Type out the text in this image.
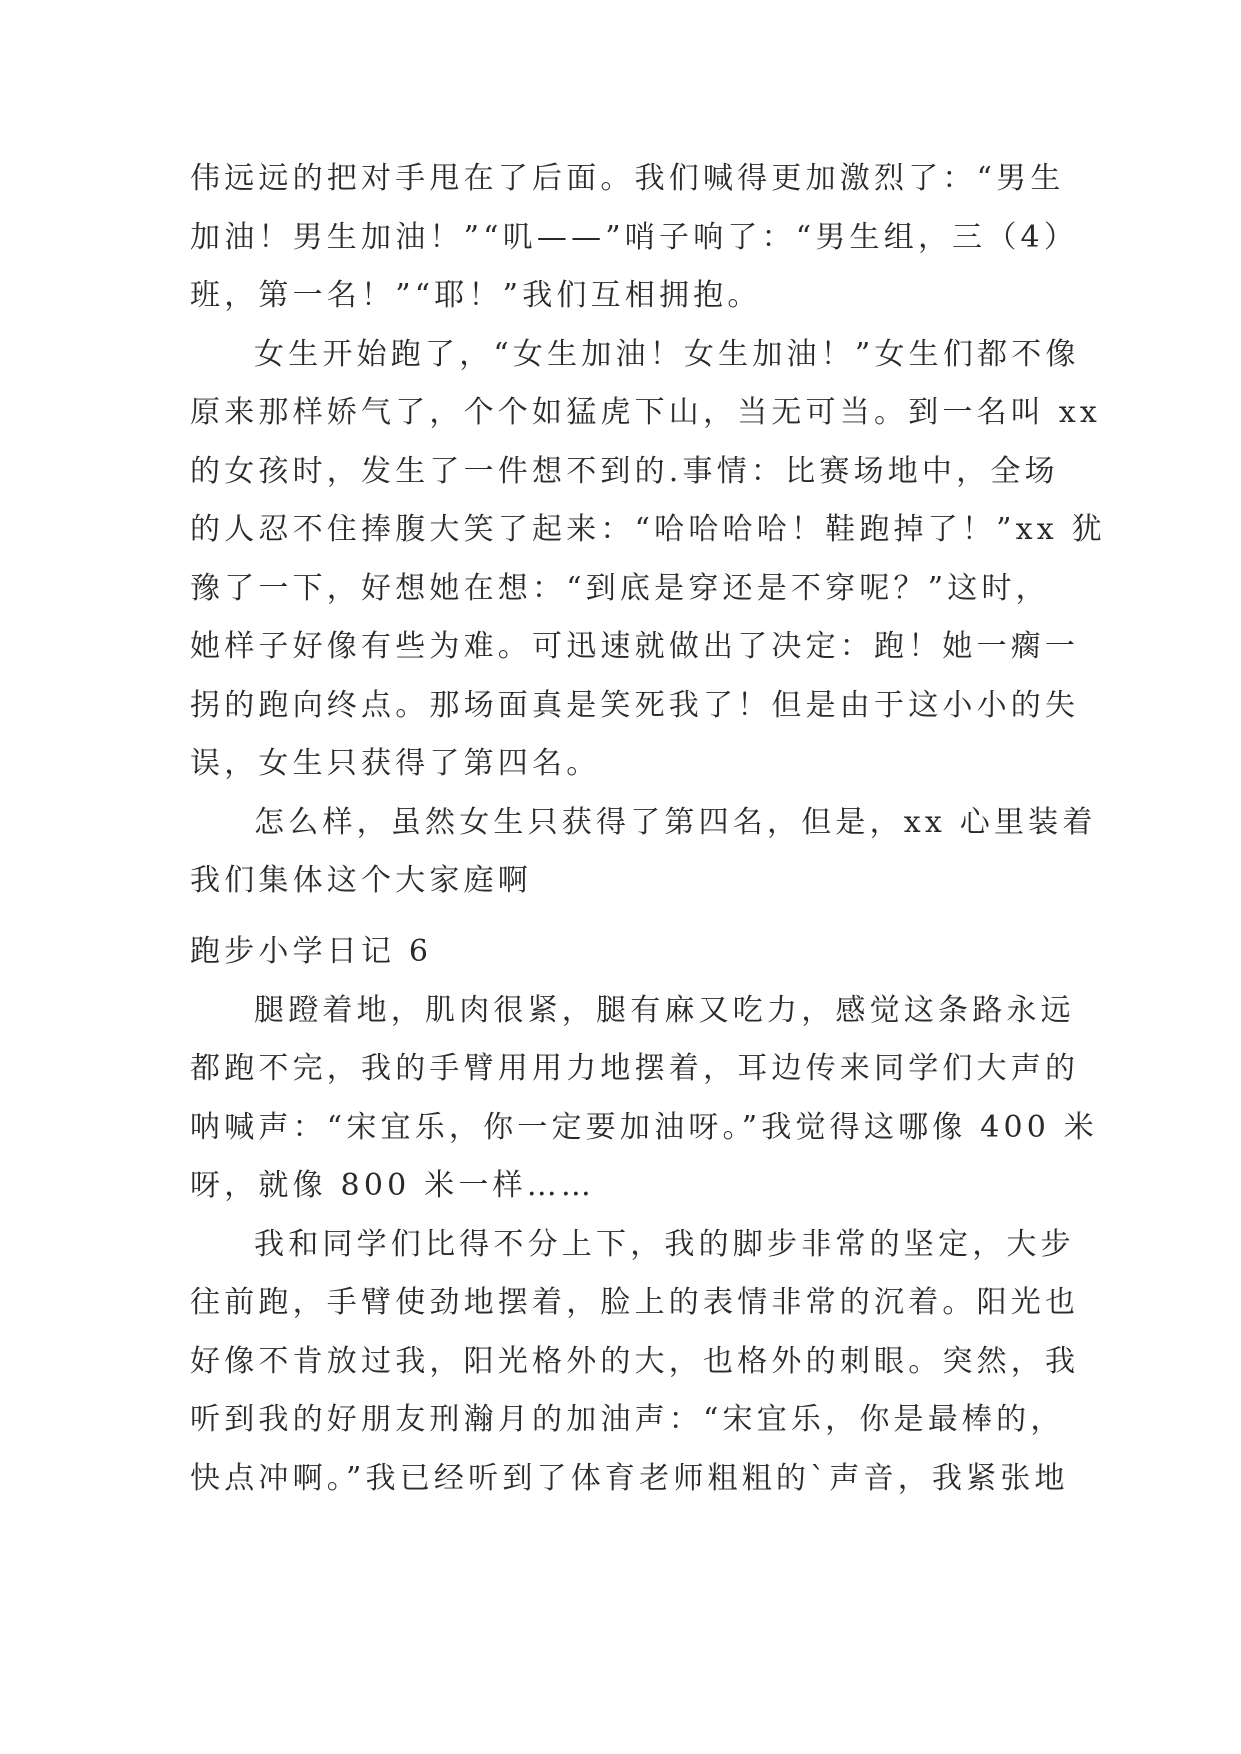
伟远远的把对手甩在了后面。我们喊得更加激烈了：“男生
加油！男生加油！”“叽——”哨子响了：“男生组，三（4）
班，第一名！”“耶！”我们互相拥抱。
女生开始跑了，“女生加油！女生加油！”女生们都不像
原来那样娇气了，个个如猛虎下山，当无可当。到一名叫 xx
的女孩时，发生了一件想不到的.事情：比赛场地中，全场
的人忍不住捧腹大笑了起来：“哈哈哈哈！鞋跑掉了！”xx 犹
豫了一下，好想她在想：“到底是穿还是不穿呢？”这时，
她样子好像有些为难。可迅速就做出了决定：跑！她一瘸一
拐的跑向终点。那场面真是笑死我了！但是由于这小小的失
误，女生只获得了第四名。
怎么样，虽然女生只获得了第四名，但是，xx 心里装着
我们集体这个大家庭啊
跑步小学日记 6
腿蹬着地，肌肉很紧，腿有麻又吃力，感觉这条路永远
都跑不完，我的手臂用用力地摆着，耳边传来同学们大声的
呐喊声：“宋宜乐，你一定要加油呀。”我觉得这哪像 400 米
呀，就像 800 米一样……
我和同学们比得不分上下，我的脚步非常的坚定，大步
往前跑，手臂使劲地摆着，脸上的表情非常的沉着。阳光也
好像不肯放过我，阳光格外的大，也格外的刺眼。突然，我
听到我的好朋友刑瀚月的加油声：“宋宜乐，你是最棒的，
快点冲啊。”我已经听到了体育老师粗粗的`声音，我紧张地
